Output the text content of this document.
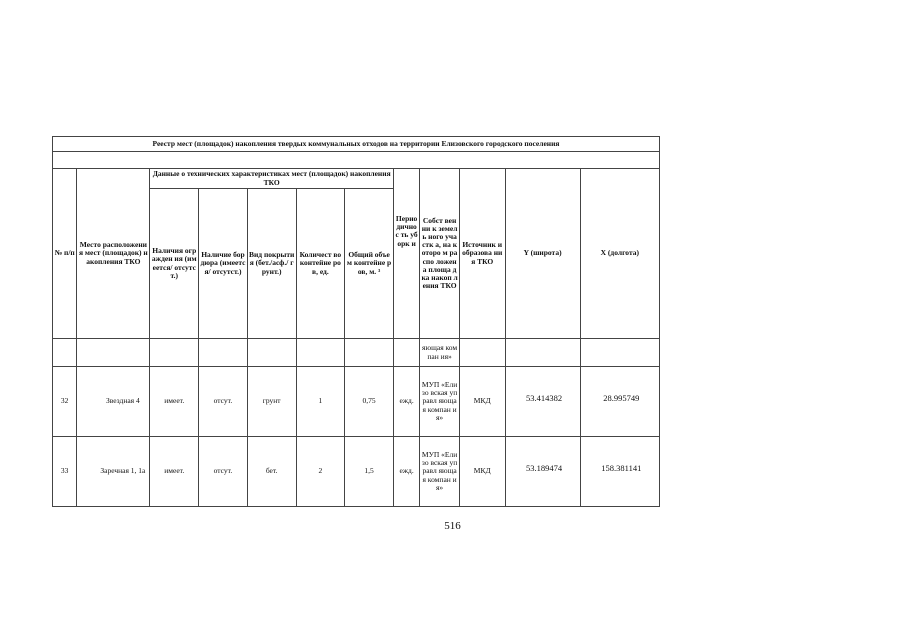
Реестр мест (площадок) накопления твердых коммунальных отходов на территории Елизовского городского поселения											

№ п/п	Место расположения мест (площадок) накопления ТКО	Данные о технических характеристиках мест (площадок) накопления ТКО					Перио дичнос ть уборк и	Собст венни к земель ного участк а, на которо м распо ложен а площа дка накоп ления ТКО	Источник и образова ния ТКО	Y (широта)	X (долгота)
		Наличия огражден ия (имеется/ отсутст.)	Наличие бордюра (имеется/ отсутст.)	Вид покрыти я (бет./асф./ грунт.)	Количест во контейне ров, ед.	Общий объем контейне ров, м. ³					
								яющая компан ия»			
32	Звездная 4	имеет.	отсут.	грунт	1	0,75	ежд.	МУП «Елизо вская управл яющая компан ия»	МКД	53.414382	28.995749
33	Заречная 1, 1а	имеет.	отсут.	бет.	2	1,5	ежд.	МУП «Елизо вская управл яющая компан ия»	МКД	53.189474	158.381141
516
